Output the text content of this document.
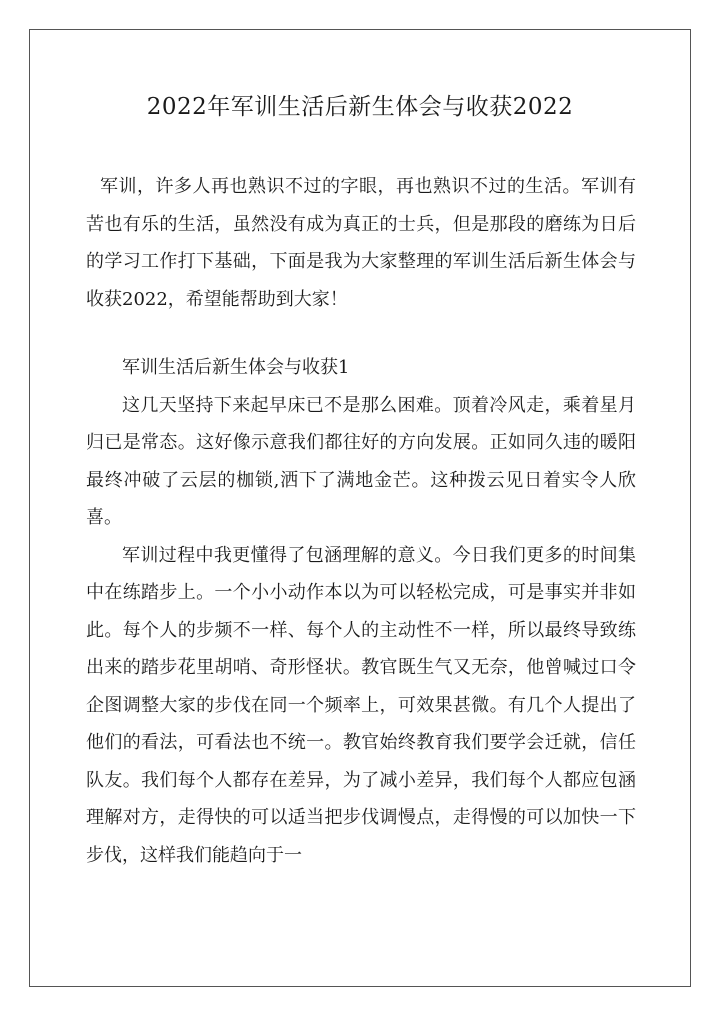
2022年军训生活后新生体会与收获2022

军训，许多人再也熟识不过的字眼，再也熟识不过的生活。军训有苦也有乐的生活，虽然没有成为真正的士兵，但是那段的磨练为日后的学习工作打下基础，下面是我为大家整理的军训生活后新生体会与收获2022，希望能帮助到大家！

军训生活后新生体会与收获1

这几天坚持下来起早床已不是那么困难。顶着冷风走，乘着星月归已是常态。这好像示意我们都往好的方向发展。正如同久违的暖阳最终冲破了云层的枷锁,洒下了满地金芒。这种拨云见日着实令人欣喜。

军训过程中我更懂得了包涵理解的意义。今日我们更多的时间集中在练踏步上。一个小小动作本以为可以轻松完成，可是事实并非如此。每个人的步频不一样、每个人的主动性不一样，所以最终导致练出来的踏步花里胡哨、奇形怪状。教官既生气又无奈，他曾喊过口令企图调整大家的步伐在同一个频率上，可效果甚微。有几个人提出了他们的看法，可看法也不统一。教官始终教育我们要学会迁就，信任队友。我们每个人都存在差异，为了减小差异，我们每个人都应包涵理解对方，走得快的可以适当把步伐调慢点，走得慢的可以加快一下步伐，这样我们能趋向于一
